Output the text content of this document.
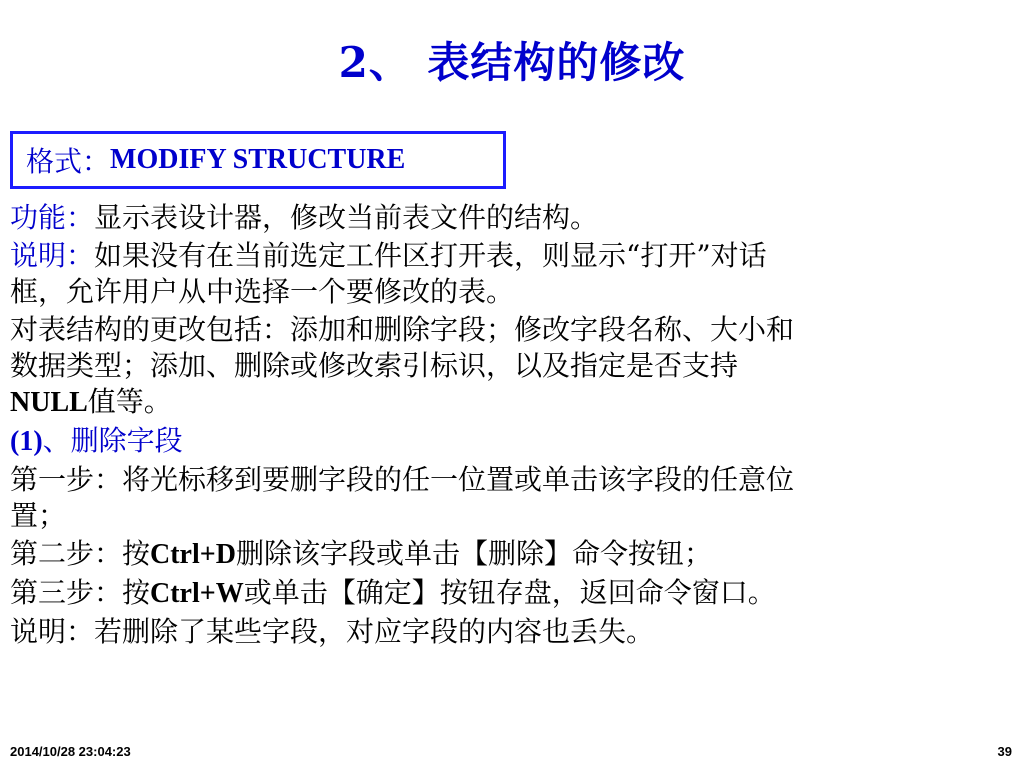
2、 表结构的修改
格式： MODIFY STRUCTURE

功能：显示表设计器，修改当前表文件的结构。

说明：如果没有在当前选定工件区打开表，则显示“打开”对话
框，允许用户从中选择一个要修改的表。

对表结构的更改包括：添加和删除字段；修改字段名称、大小和
数据类型；添加、删除或修改索引标识，以及指定是否支持
NULL值等。

(1)、删除字段

第一步：将光标移到要删字段的任一位置或单击该字段的任意位
置；

第二步：按Ctrl+D删除该字段或单击【删除】命令按钮；

第三步：按Ctrl+W或单击【确定】按钮存盘，返回命令窗口。

说明：若删除了某些字段，对应字段的内容也丢失。

2014/10/28 23:04:23	39
